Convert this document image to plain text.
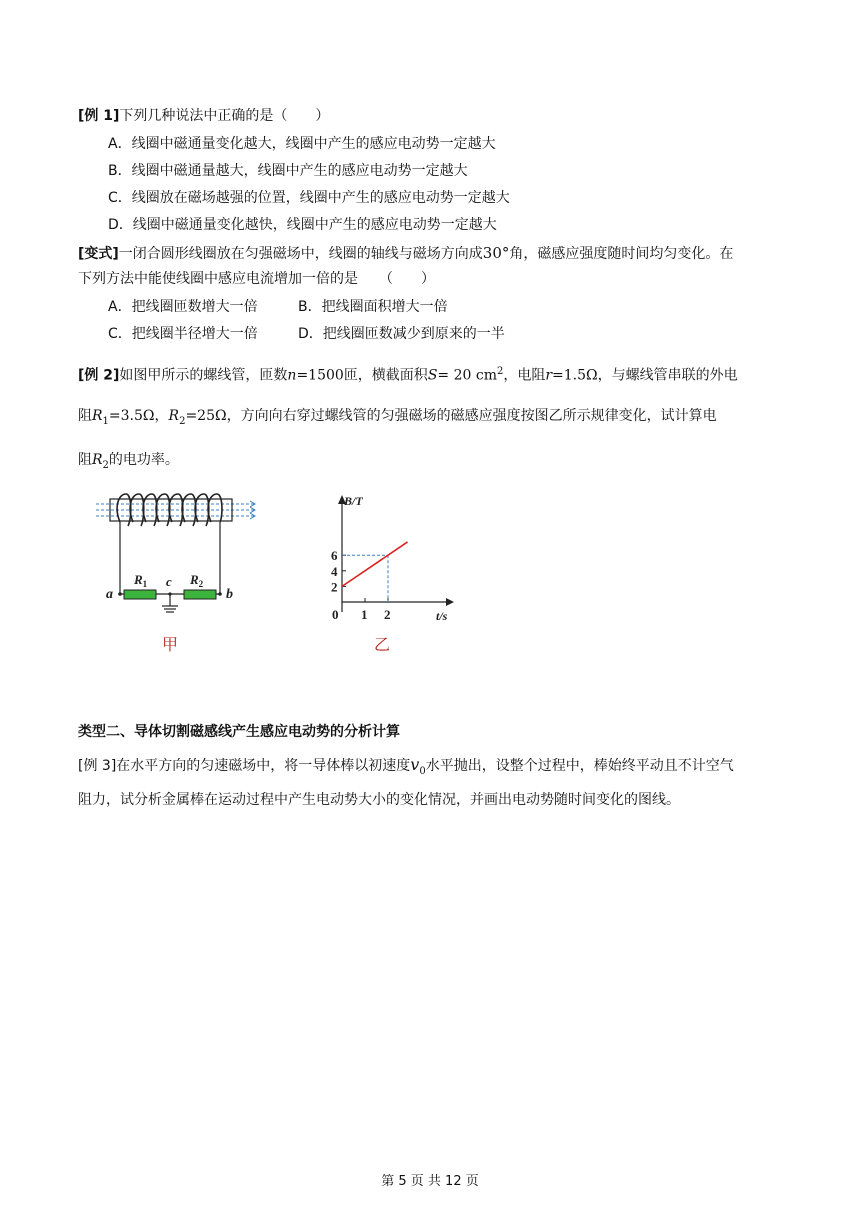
[例 1]下列几种说法中正确的是（　　）
A．线圈中磁通量变化越大，线圈中产生的感应电动势一定越大
B．线圈中磁通量越大，线圈中产生的感应电动势一定越大
C．线圈放在磁场越强的位置，线圈中产生的感应电动势一定越大
D．线圈中磁通量变化越快，线圈中产生的感应电动势一定越大
[变式]一闭合圆形线圈放在匀强磁场中，线圈的轴线与磁场方向成30°角，磁感应强度随时间均匀变化。在
下列方法中能使线圈中感应电流增加一倍的是　　（　　）
A．把线圈匝数增大一倍	B．把线圈面积增大一倍
C．把线圈半径增大一倍	D．把线圈匝数减少到原来的一半
[例 2]如图甲所示的螺线管，匝数n=1500匝，横截面积S= 20 $cm^2$，电阻r=1.5Ω，与螺线管串联的外电
阻$R_1=3.5\Omega$，$R_2=25\Omega$，方向向右穿过螺线管的匀强磁场的磁感应强度按图乙所示规律变化，试计算电
阻$R_2$的电功率。
a	b
c
$R_1$	$R_2$
甲
B/T
t/s
2
4
6
0 1 2
乙
类型二、导体切割磁感线产生感应电动势的分析计算
[例 3]在水平方向的匀速磁场中，将一导体棒以初速度$v_0$水平抛出，设整个过程中，棒始终平动且不计空气
阻力，试分析金属棒在运动过程中产生电动势大小的变化情况，并画出电动势随时间变化的图线。
第 5 页 共 12 页
